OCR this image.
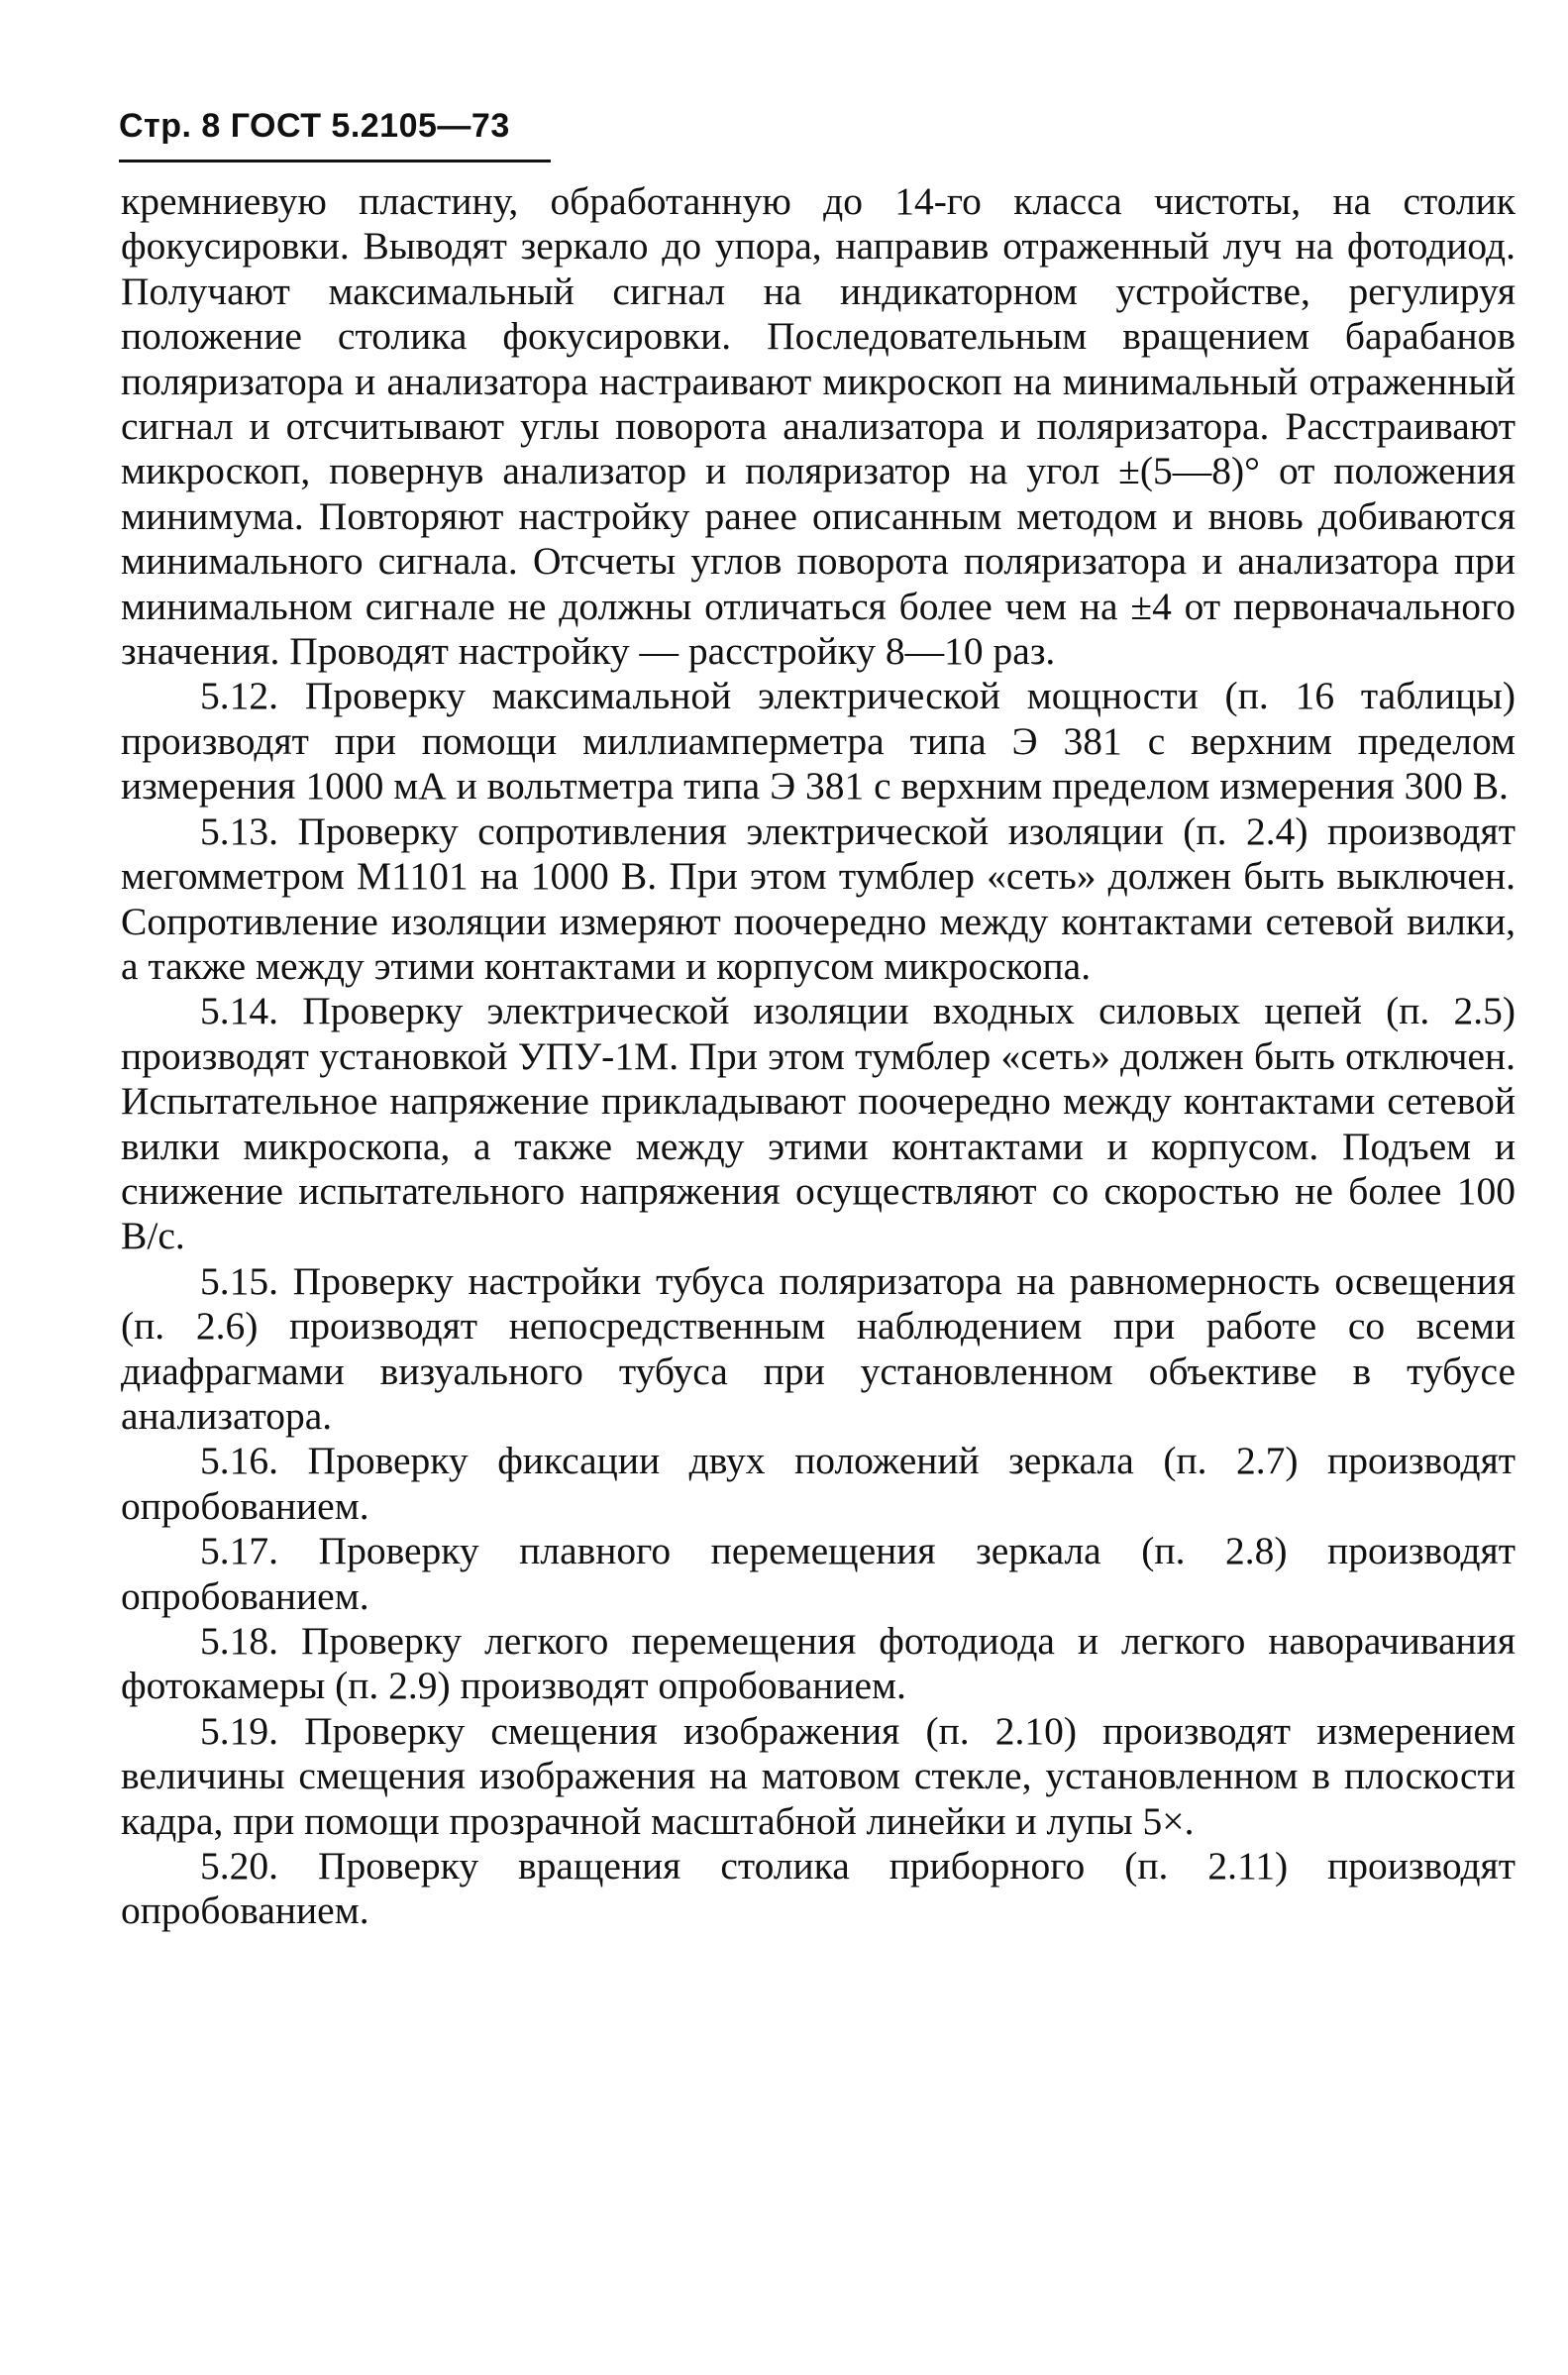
Стр. 8 ГОСТ 5.2105—73

кремниевую пластину, обработанную до 14-го класса чистоты, на столик фокусировки. Выводят зеркало до упора, направив отраженный луч на фотодиод. Получают максимальный сигнал на индикаторном устройстве, регулируя положение столика фокусировки. Последовательным вращением барабанов поляризатора и анализатора настраивают микроскоп на минимальный отраженный сигнал и отсчитывают углы поворота анализатора и поляризатора. Расстраивают микроскоп, повернув анализатор и поляризатор на угол ±(5—8)° от положения минимума. Повторяют настройку ранее описанным методом и вновь добиваются минимального сигнала. Отсчеты углов поворота поляризатора и анализатора при минимальном сигнале не должны отличаться более чем на ±4 от первоначального значения. Проводят настройку — расстройку 8—10 раз.

5.12. Проверку максимальной электрической мощности (п. 16 таблицы) производят при помощи миллиамперметра типа Э 381 с верхним пределом измерения 1000 мА и вольтметра типа Э 381 с верхним пределом измерения 300 В.

5.13. Проверку сопротивления электрической изоляции (п. 2.4) производят мегомметром М1101 на 1000 В. При этом тумблер «сеть» должен быть выключен. Сопротивление изоляции измеряют поочередно между контактами сетевой вилки, а также между этими контактами и корпусом микроскопа.

5.14. Проверку электрической изоляции входных силовых цепей (п. 2.5) производят установкой УПУ-1М. При этом тумблер «сеть» должен быть отключен. Испытательное напряжение прикладывают поочередно между контактами сетевой вилки микроскопа, а также между этими контактами и корпусом. Подъем и снижение испытательного напряжения осуществляют со скоростью не более 100 В/с.

5.15. Проверку настройки тубуса поляризатора на равномерность освещения (п. 2.6) производят непосредственным наблюдением при работе со всеми диафрагмами визуального тубуса при установленном объективе в тубусе анализатора.

5.16. Проверку фиксации двух положений зеркала (п. 2.7) производят опробованием.

5.17. Проверку плавного перемещения зеркала (п. 2.8) производят опробованием.

5.18. Проверку легкого перемещения фотодиода и легкого наворачивания фотокамеры (п. 2.9) производят опробованием.

5.19. Проверку смещения изображения (п. 2.10) производят измерением величины смещения изображения на матовом стекле, установленном в плоскости кадра, при помощи прозрачной масштабной линейки и лупы 5×.

5.20. Проверку вращения столика приборного (п. 2.11) производят опробованием.
